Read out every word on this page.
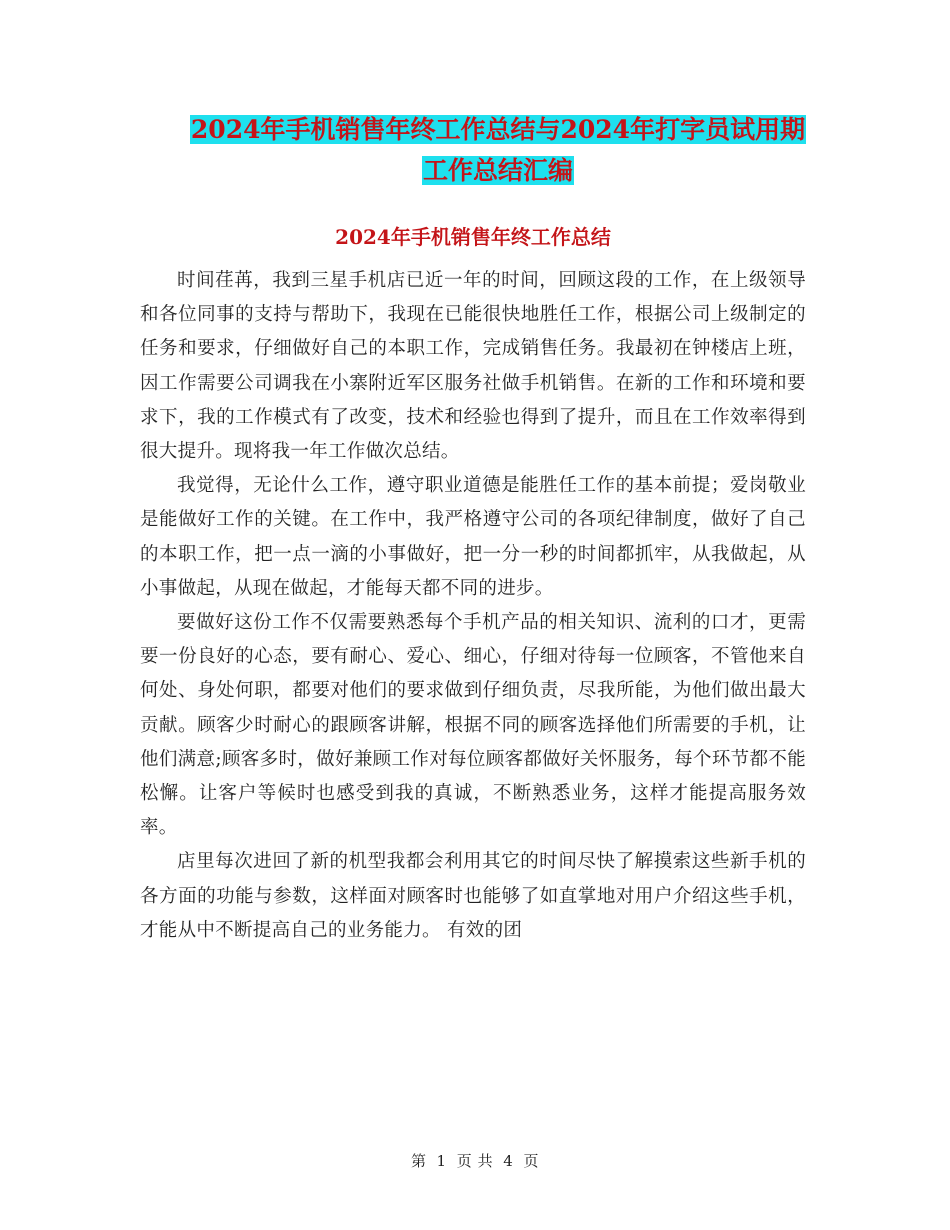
2024年手机销售年终工作总结与2024年打字员试用期
工作总结汇编
2024年手机销售年终工作总结

时间荏苒，我到三星手机店已近一年的时间，回顾这段的工作，在上级领导和各位同事的支持与帮助下，我现在已能很快地胜任工作，根据公司上级制定的任务和要求，仔细做好自己的本职工作，完成销售任务。我最初在钟楼店上班，因工作需要公司调我在小寨附近军区服务社做手机销售。在新的工作和环境和要求下，我的工作模式有了改变，技术和经验也得到了提升，而且在工作效率得到很大提升。现将我一年工作做次总结。

我觉得，无论什么工作，遵守职业道德是能胜任工作的基本前提；爱岗敬业是能做好工作的关键。在工作中，我严格遵守公司的各项纪律制度，做好了自己的本职工作，把一点一滴的小事做好，把一分一秒的时间都抓牢，从我做起，从小事做起，从现在做起，才能每天都不同的进步。

要做好这份工作不仅需要熟悉每个手机产品的相关知识、流利的口才，更需要一份良好的心态，要有耐心、爱心、细心，仔细对待每一位顾客，不管他来自何处、身处何职，都要对他们的要求做到仔细负责，尽我所能，为他们做出最大贡献。顾客少时耐心的跟顾客讲解，根据不同的顾客选择他们所需要的手机，让他们满意;顾客多时，做好兼顾工作对每位顾客都做好关怀服务，每个环节都不能松懈。让客户等候时也感受到我的真诚，不断熟悉业务，这样才能提高服务效率。

店里每次进回了新的机型我都会利用其它的时间尽快了解摸索这些新手机的各方面的功能与参数，这样面对顾客时也能够了如直掌地对用户介绍这些手机，才能从中不断提高自己的业务能力。 有效的团

第 1 页 共 4 页
